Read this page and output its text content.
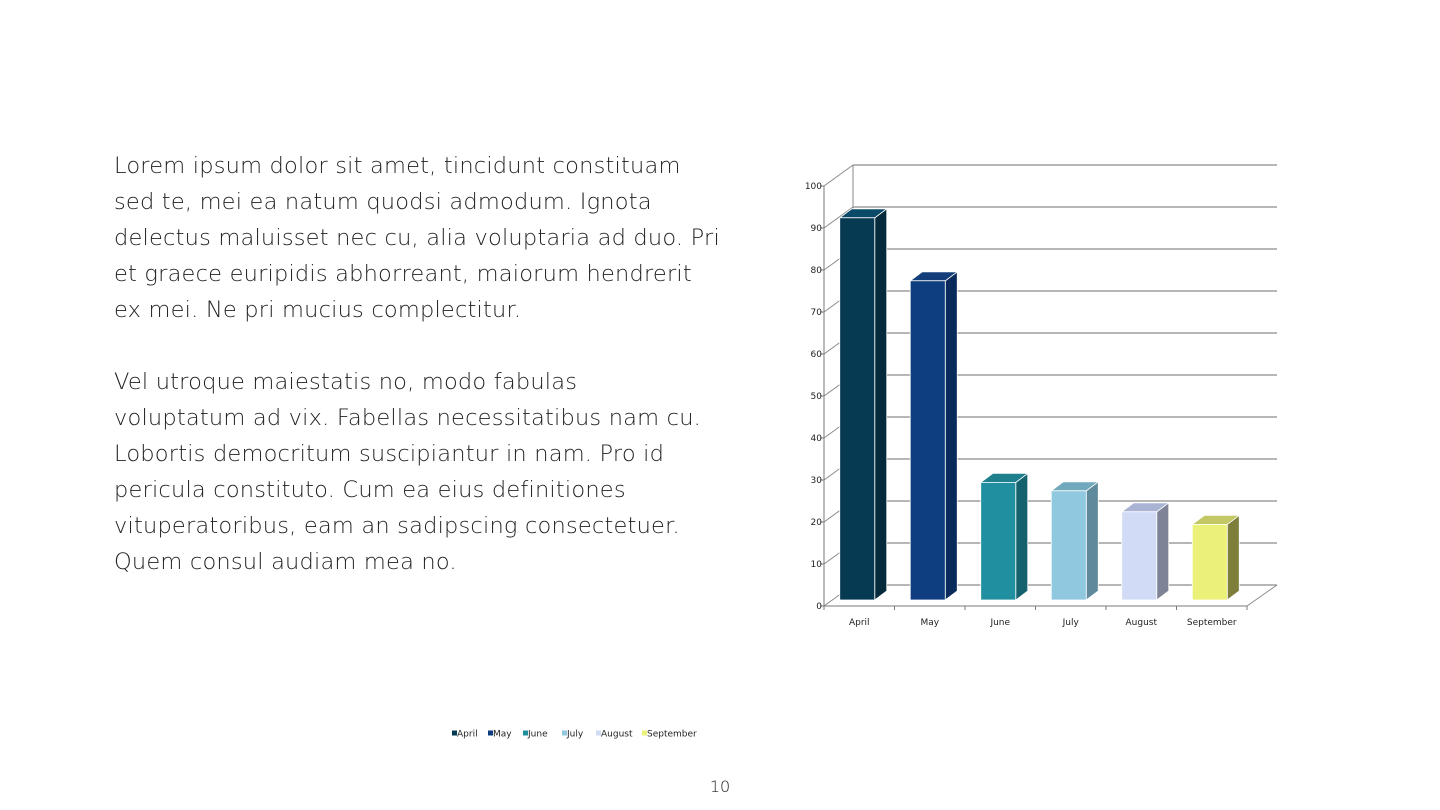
Lorem ipsum dolor sit amet, tincidunt constituam
sed te, mei ea natum quodsi admodum. Ignota
delectus maluisset nec cu, alia voluptaria ad duo. Pri
et graece euripidis abhorreant, maiorum hendrerit
ex mei. Ne pri mucius complectitur.

Vel utroque maiestatis no, modo fabulas
voluptatum ad vix. Fabellas necessitatibus nam cu.
Lobortis democritum suscipiantur in nam. Pro id
pericula constituto. Cum ea eius definitiones
vituperatoribus, eam an sadipscing consectetuer.
Quem consul audiam mea no.

0
10
20
30
40
50
60
70
80
90
100
April	May	June	July	August	September
April May June July August September
10
